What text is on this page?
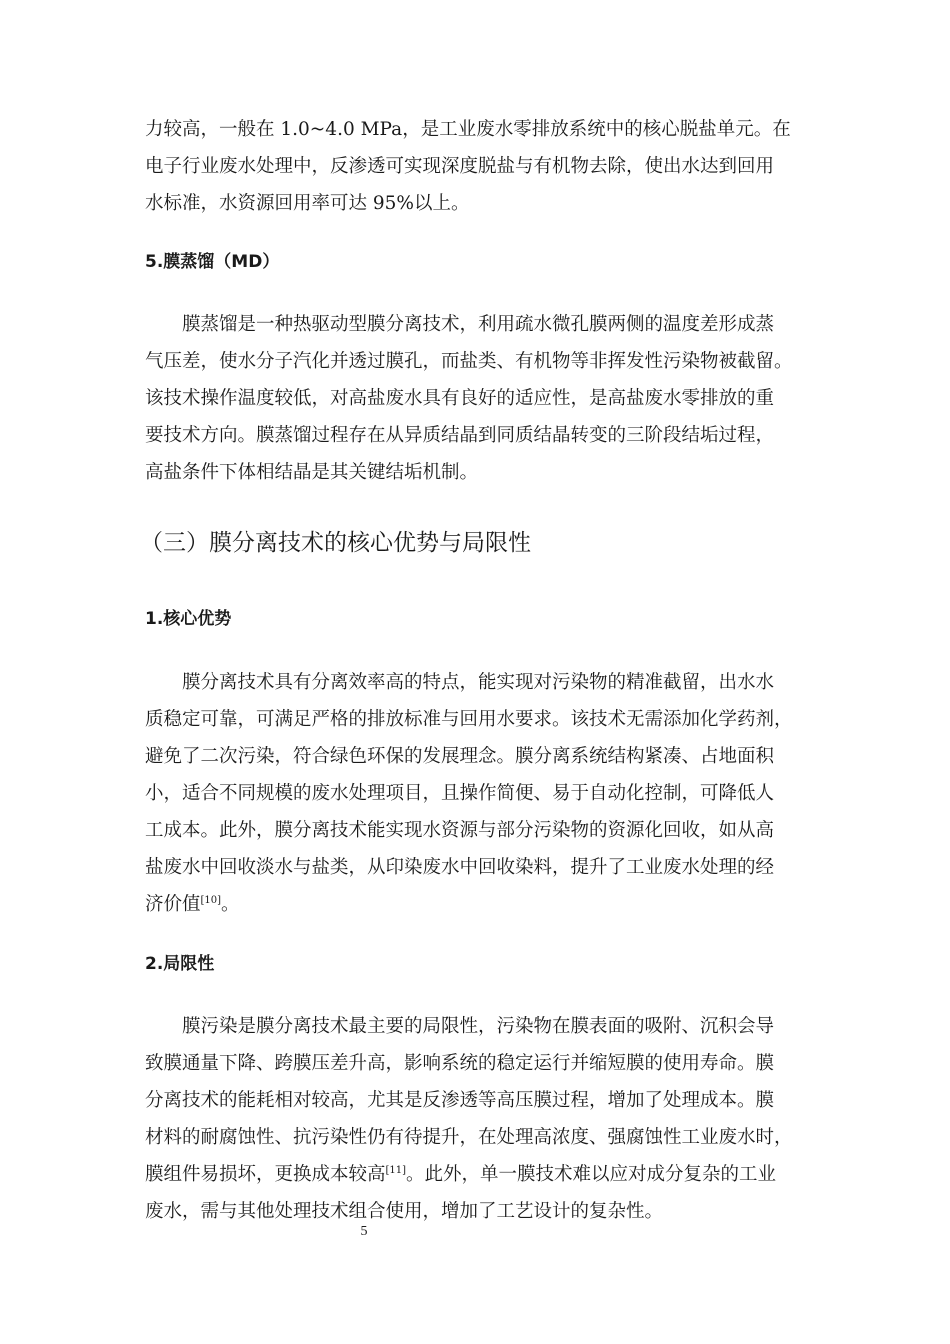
力较高，一般在 1.0~4.0 MPa，是工业废水零排放系统中的核心脱盐单元。在
电子行业废水处理中，反渗透可实现深度脱盐与有机物去除，使出水达到回用
水标准，水资源回用率可达 95%以上。
5.膜蒸馏（MD）
膜蒸馏是一种热驱动型膜分离技术，利用疏水微孔膜两侧的温度差形成蒸
气压差，使水分子汽化并透过膜孔，而盐类、有机物等非挥发性污染物被截留。
该技术操作温度较低，对高盐废水具有良好的适应性，是高盐废水零排放的重
要技术方向。膜蒸馏过程存在从异质结晶到同质结晶转变的三阶段结垢过程，
高盐条件下体相结晶是其关键结垢机制。
（三）膜分离技术的核心优势与局限性
1.核心优势
膜分离技术具有分离效率高的特点，能实现对污染物的精准截留，出水水
质稳定可靠，可满足严格的排放标准与回用水要求。该技术无需添加化学药剂，
避免了二次污染，符合绿色环保的发展理念。膜分离系统结构紧凑、占地面积
小，适合不同规模的废水处理项目，且操作简便、易于自动化控制，可降低人
工成本。此外，膜分离技术能实现水资源与部分污染物的资源化回收，如从高
盐废水中回收淡水与盐类，从印染废水中回收染料，提升了工业废水处理的经
济价值[10]。
2.局限性
膜污染是膜分离技术最主要的局限性，污染物在膜表面的吸附、沉积会导
致膜通量下降、跨膜压差升高，影响系统的稳定运行并缩短膜的使用寿命。膜
分离技术的能耗相对较高，尤其是反渗透等高压膜过程，增加了处理成本。膜
材料的耐腐蚀性、抗污染性仍有待提升，在处理高浓度、强腐蚀性工业废水时，
膜组件易损坏，更换成本较高[11]。此外，单一膜技术难以应对成分复杂的工业
废水，需与其他处理技术组合使用，增加了工艺设计的复杂性。
5
